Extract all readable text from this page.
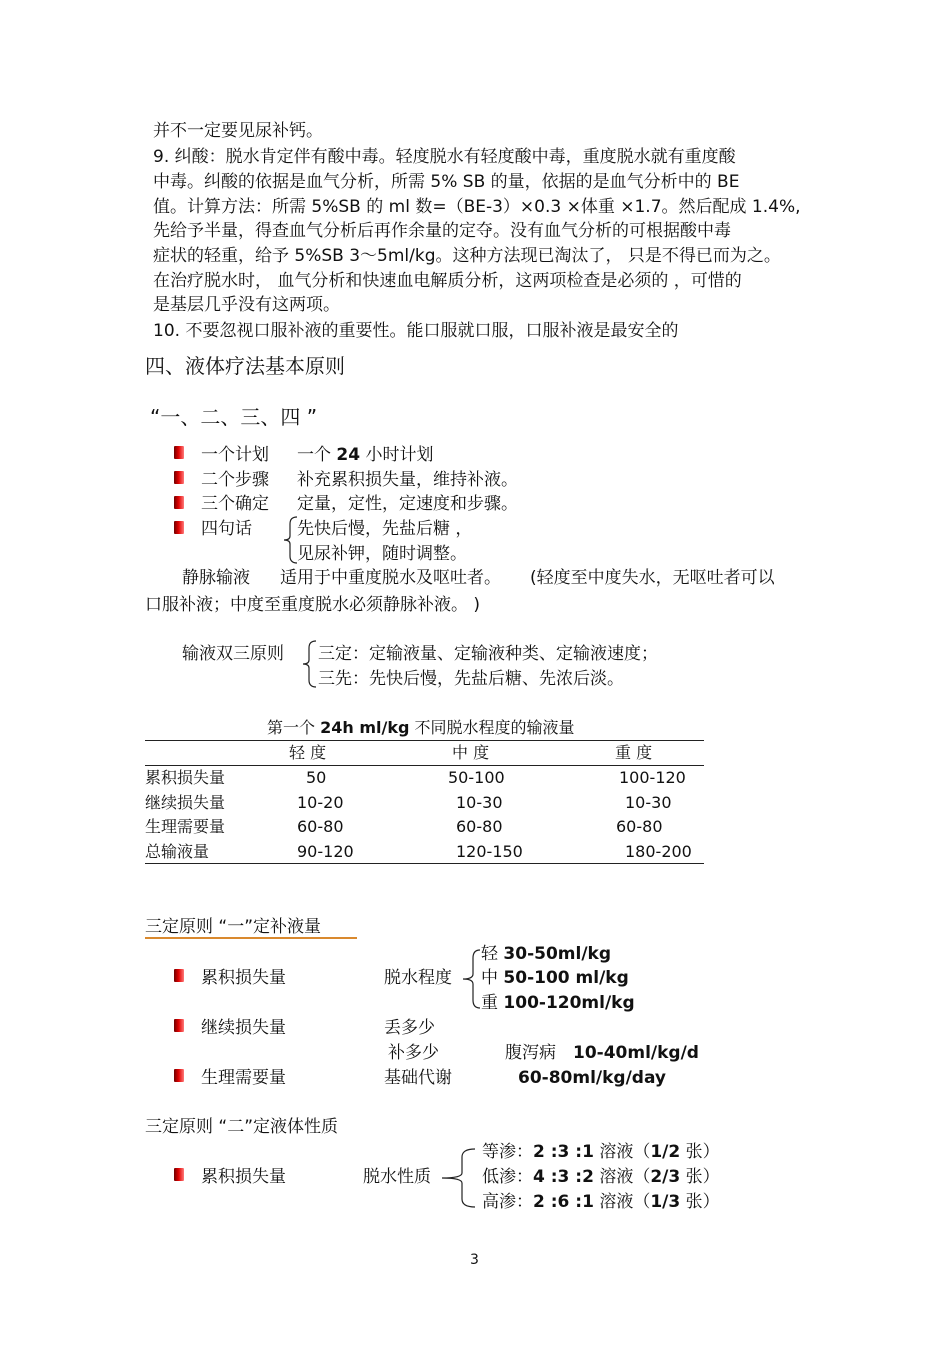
并不一定要见尿补钙。
9. 纠酸：脱水肯定伴有酸中毒。轻度脱水有轻度酸中毒，重度脱水就有重度酸
中毒。纠酸的依据是血气分析，所需 5% SB 的量，依据的是血气分析中的 BE
值。计算方法：所需 5%SB 的 ml 数=（BE-3）×0.3 ×体重 ×1.7。然后配成 1.4%,
先给予半量，得查血气分析后再作余量的定夺。没有血气分析的可根据酸中毒
症状的轻重，给予 5%SB 3～5ml/kg。这种方法现已淘汰了， 只是不得已而为之。
在治疗脱水时， 血气分析和快速血电解质分析，这两项检查是必须的 ，可惜的
是基层几乎没有这两项。
10. 不要忽视口服补液的重要性。能口服就口服，口服补液是最安全的
四、液体疗法基本原则
“一、二、三、四 ”
一个计划 一个 24 小时计划
二个步骤 补充累积损失量，维持补液。
三个确定 定量，定性，定速度和步骤。
四句话	先快后慢，先盐后糖 ，
见尿补钾，随时调整。
静脉输液 适用于中重度脱水及呕吐者。 (轻度至中度失水，无呕吐者可以
口服补液；中度至重度脱水必须静脉补液。 )
输液双三原则 三定：定输液量、定输液种类、定输液速度；
三先：先快后慢，先盐后糖、先浓后淡。
第一个 24h ml/kg 不同脱水程度的输液量
轻 度	中 度	重 度
累积损失量	50	50-100	100-120
继续损失量	10-20	10-30	10-30
生理需要量	60-80	60-80	60-80
总输液量	90-120	120-150	180-200
三定原则 “一”定补液量
轻 30-50ml/kg
累积损失量	脱水程度 中 50-100 ml/kg
重 100-120ml/kg
继续损失量	丢多少
补多少	腹泻病 10-40ml/kg/d
生理需要量	基础代谢	60-80ml/kg/day
三定原则 “二”定液体性质
等渗：2 :3 :1 溶液（1/2 张）
累积损失量	脱水性质	低渗：4 :3 :2 溶液（2/3 张）
高渗：2 :6 :1 溶液（1/3 张）
3
